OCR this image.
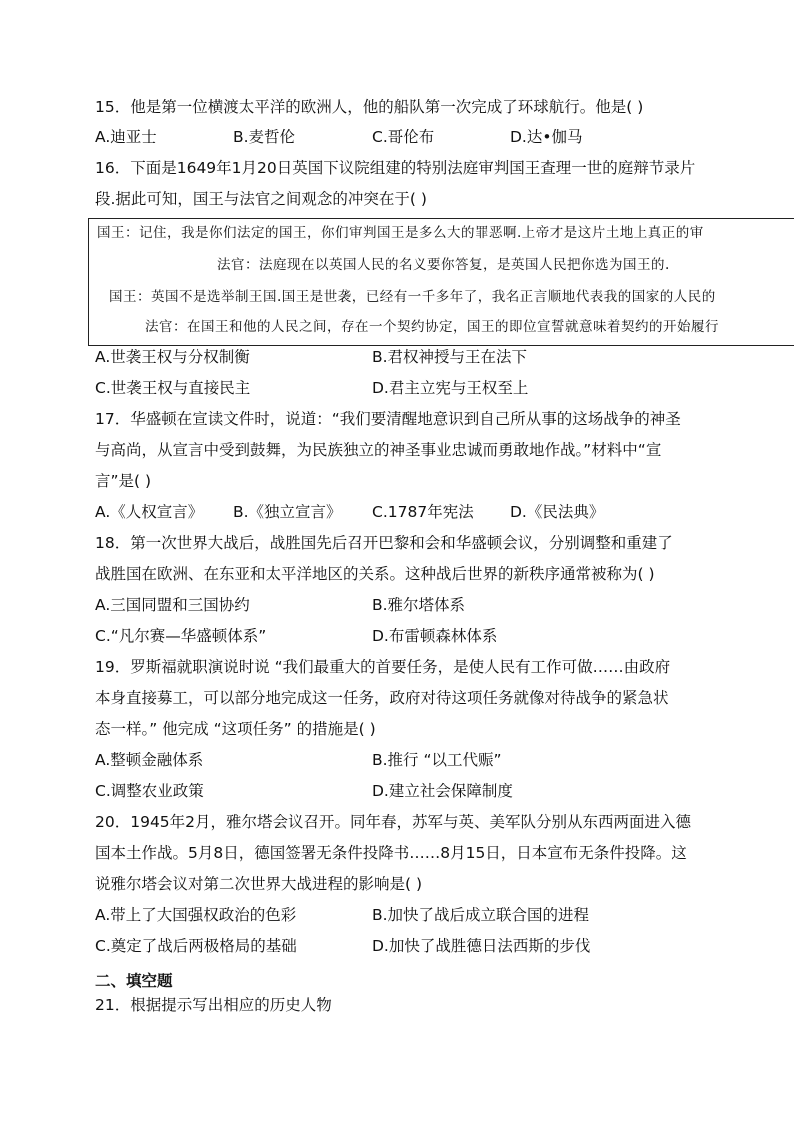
15．他是第一位横渡太平洋的欧洲人，他的船队第一次完成了环球航行。他是( )
A.迪亚士	B.麦哲伦	C.哥伦布	D.达•伽马
16．下面是1649年1月20日英国下议院组建的特别法庭审判国王查理一世的庭辩节录片
段.据此可知，国王与法官之间观念的冲突在于( )
国王：记住，我是你们法定的国王，你们审判国王是多么大的罪恶啊.上帝才是这片土地上真正的审
法官：法庭现在以英国人民的名义要你答复，是英国人民把你选为国王的.
国王：英国不是选举制王国.国王是世袭，已经有一千多年了，我名正言顺地代表我的国家的人民的
法官：在国王和他的人民之间，存在一个契约协定，国王的即位宣誓就意味着契约的开始履行
A.世袭王权与分权制衡	B.君权神授与王在法下
C.世袭王权与直接民主	D.君主立宪与王权至上
17．华盛顿在宣读文件时，说道：“我们要清醒地意识到自己所从事的这场战争的神圣
与高尚，从宣言中受到鼓舞，为民族独立的神圣事业忠诚而勇敢地作战。”材料中“宣
言”是( )
A.《人权宣言》 B.《独立宣言》 C.1787年宪法 D.《民法典》
18．第一次世界大战后，战胜国先后召开巴黎和会和华盛顿会议，分别调整和重建了
战胜国在欧洲、在东亚和太平洋地区的关系。这种战后世界的新秩序通常被称为( )
A.三国同盟和三国协约	B.雅尔塔体系
C.“凡尔赛—华盛顿体系”	D.布雷顿森林体系
19．罗斯福就职演说时说 “我们最重大的首要任务，是使人民有工作可做……由政府
本身直接募工，可以部分地完成这一任务，政府对待这项任务就像对待战争的紧急状
态一样。” 他完成 “这项任务” 的措施是( )
A.整顿金融体系	B.推行 “以工代赈”
C.调整农业政策	D.建立社会保障制度
20．1945年2月，雅尔塔会议召开。同年春，苏军与英、美军队分别从东西两面进入德
国本土作战。5月8日，德国签署无条件投降书……8月15日，日本宣布无条件投降。这
说雅尔塔会议对第二次世界大战进程的影响是( )
A.带上了大国强权政治的色彩	B.加快了战后成立联合国的进程
C.奠定了战后两极格局的基础	D.加快了战胜德日法西斯的步伐
二、填空题
21．根据提示写出相应的历史人物
